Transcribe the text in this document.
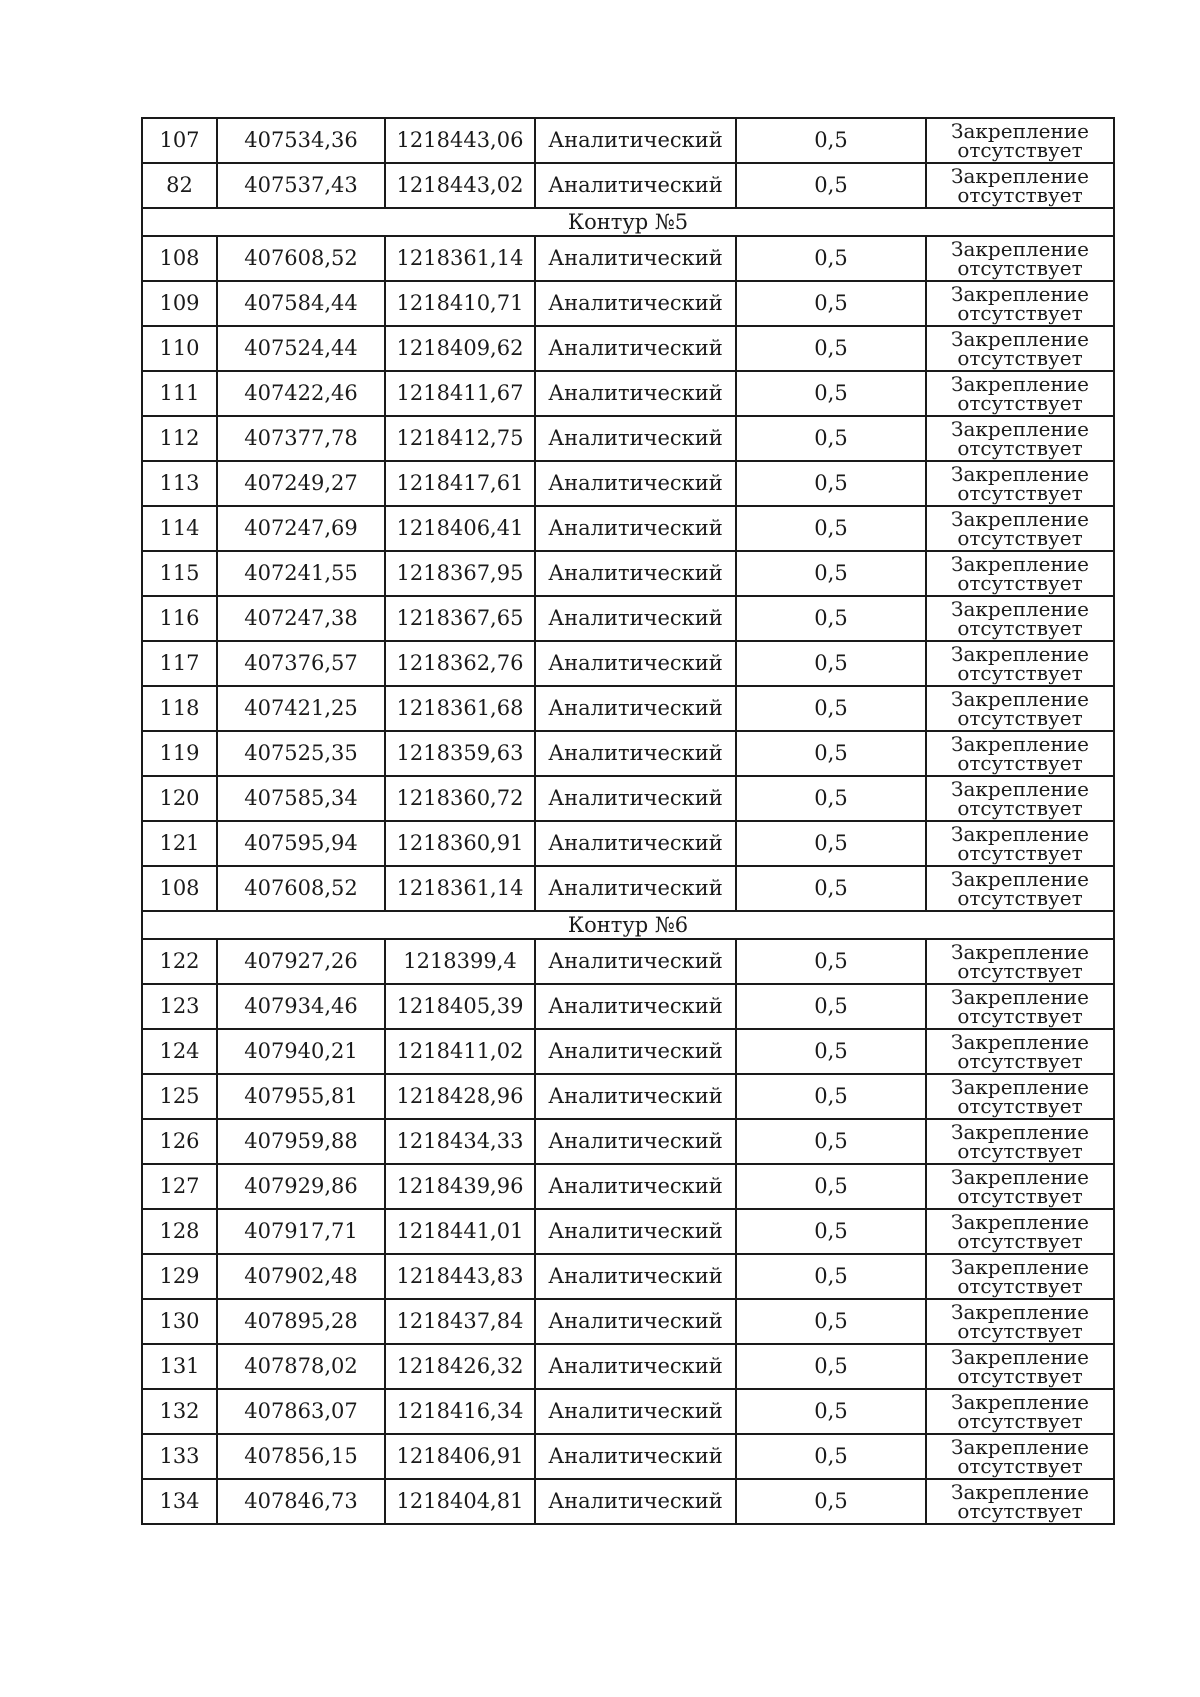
107	407534,36	1218443,06	Аналитический	0,5	Закрепление отсутствует
82	407537,43	1218443,02	Аналитический	0,5	Закрепление отсутствует
Контур №5					
108	407608,52	1218361,14	Аналитический	0,5	Закрепление отсутствует
109	407584,44	1218410,71	Аналитический	0,5	Закрепление отсутствует
110	407524,44	1218409,62	Аналитический	0,5	Закрепление отсутствует
111	407422,46	1218411,67	Аналитический	0,5	Закрепление отсутствует
112	407377,78	1218412,75	Аналитический	0,5	Закрепление отсутствует
113	407249,27	1218417,61	Аналитический	0,5	Закрепление отсутствует
114	407247,69	1218406,41	Аналитический	0,5	Закрепление отсутствует
115	407241,55	1218367,95	Аналитический	0,5	Закрепление отсутствует
116	407247,38	1218367,65	Аналитический	0,5	Закрепление отсутствует
117	407376,57	1218362,76	Аналитический	0,5	Закрепление отсутствует
118	407421,25	1218361,68	Аналитический	0,5	Закрепление отсутствует
119	407525,35	1218359,63	Аналитический	0,5	Закрепление отсутствует
120	407585,34	1218360,72	Аналитический	0,5	Закрепление отсутствует
121	407595,94	1218360,91	Аналитический	0,5	Закрепление отсутствует
108	407608,52	1218361,14	Аналитический	0,5	Закрепление отсутствует
Контур №6					
122	407927,26	1218399,4	Аналитический	0,5	Закрепление отсутствует
123	407934,46	1218405,39	Аналитический	0,5	Закрепление отсутствует
124	407940,21	1218411,02	Аналитический	0,5	Закрепление отсутствует
125	407955,81	1218428,96	Аналитический	0,5	Закрепление отсутствует
126	407959,88	1218434,33	Аналитический	0,5	Закрепление отсутствует
127	407929,86	1218439,96	Аналитический	0,5	Закрепление отсутствует
128	407917,71	1218441,01	Аналитический	0,5	Закрепление отсутствует
129	407902,48	1218443,83	Аналитический	0,5	Закрепление отсутствует
130	407895,28	1218437,84	Аналитический	0,5	Закрепление отсутствует
131	407878,02	1218426,32	Аналитический	0,5	Закрепление отсутствует
132	407863,07	1218416,34	Аналитический	0,5	Закрепление отсутствует
133	407856,15	1218406,91	Аналитический	0,5	Закрепление отсутствует
134	407846,73	1218404,81	Аналитический	0,5	Закрепление отсутствует
